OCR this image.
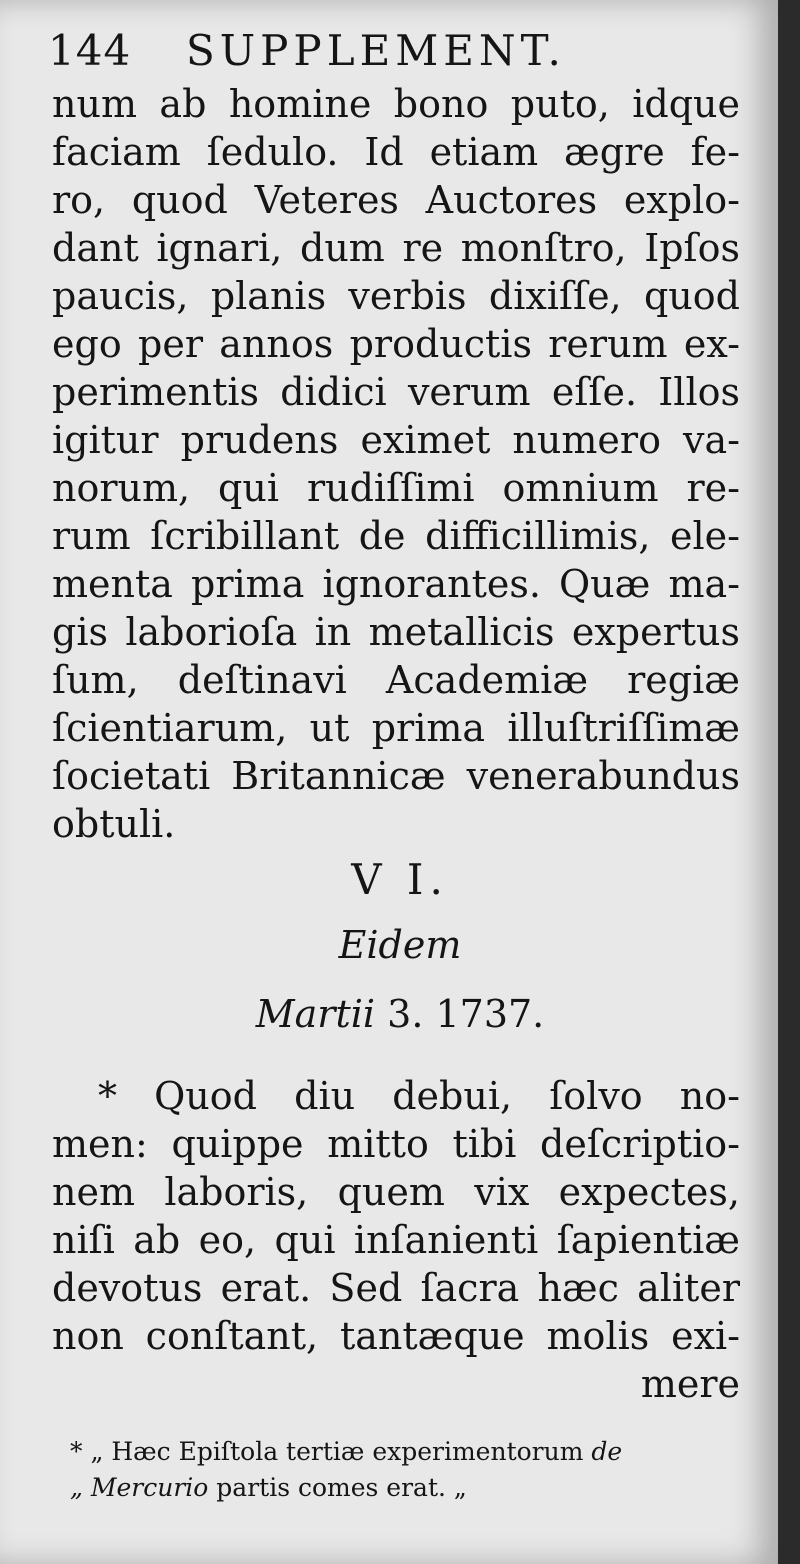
144 SUPPLEMENT.
num ab homine bono puto, idque
faciam ſedulo. Id etiam ægre fe-
ro, quod Veteres Auctores explo-
dant ignari, dum re monſtro, Ipſos
paucis, planis verbis dixiſſe, quod
ego per annos productis rerum ex-
perimentis didici verum eſſe. Illos
igitur prudens eximet numero va-
norum, qui rudiſſimi omnium re-
rum ſcribillant de difficillimis, ele-
menta prima ignorantes. Quæ ma-
gis laborioſa in metallicis expertus
ſum, deſtinavi Academiæ regiæ
ſcientiarum, ut prima illuſtriſſimæ
ſocietati Britannicæ venerabundus
obtuli.
V I.
Eidem
Martii 3. 1737.
* Quod diu debui, ſolvo no-
men: quippe mitto tibi deſcriptio-
nem laboris, quem vix expectes,
niſi ab eo, qui inſanienti ſapientiæ
devotus erat. Sed ſacra hæc aliter
non conſtant, tantæque molis exi-
mere
* „ Hæc Epiſtola tertiæ experimentorum de
„ Mercurio partis comes erat. „
